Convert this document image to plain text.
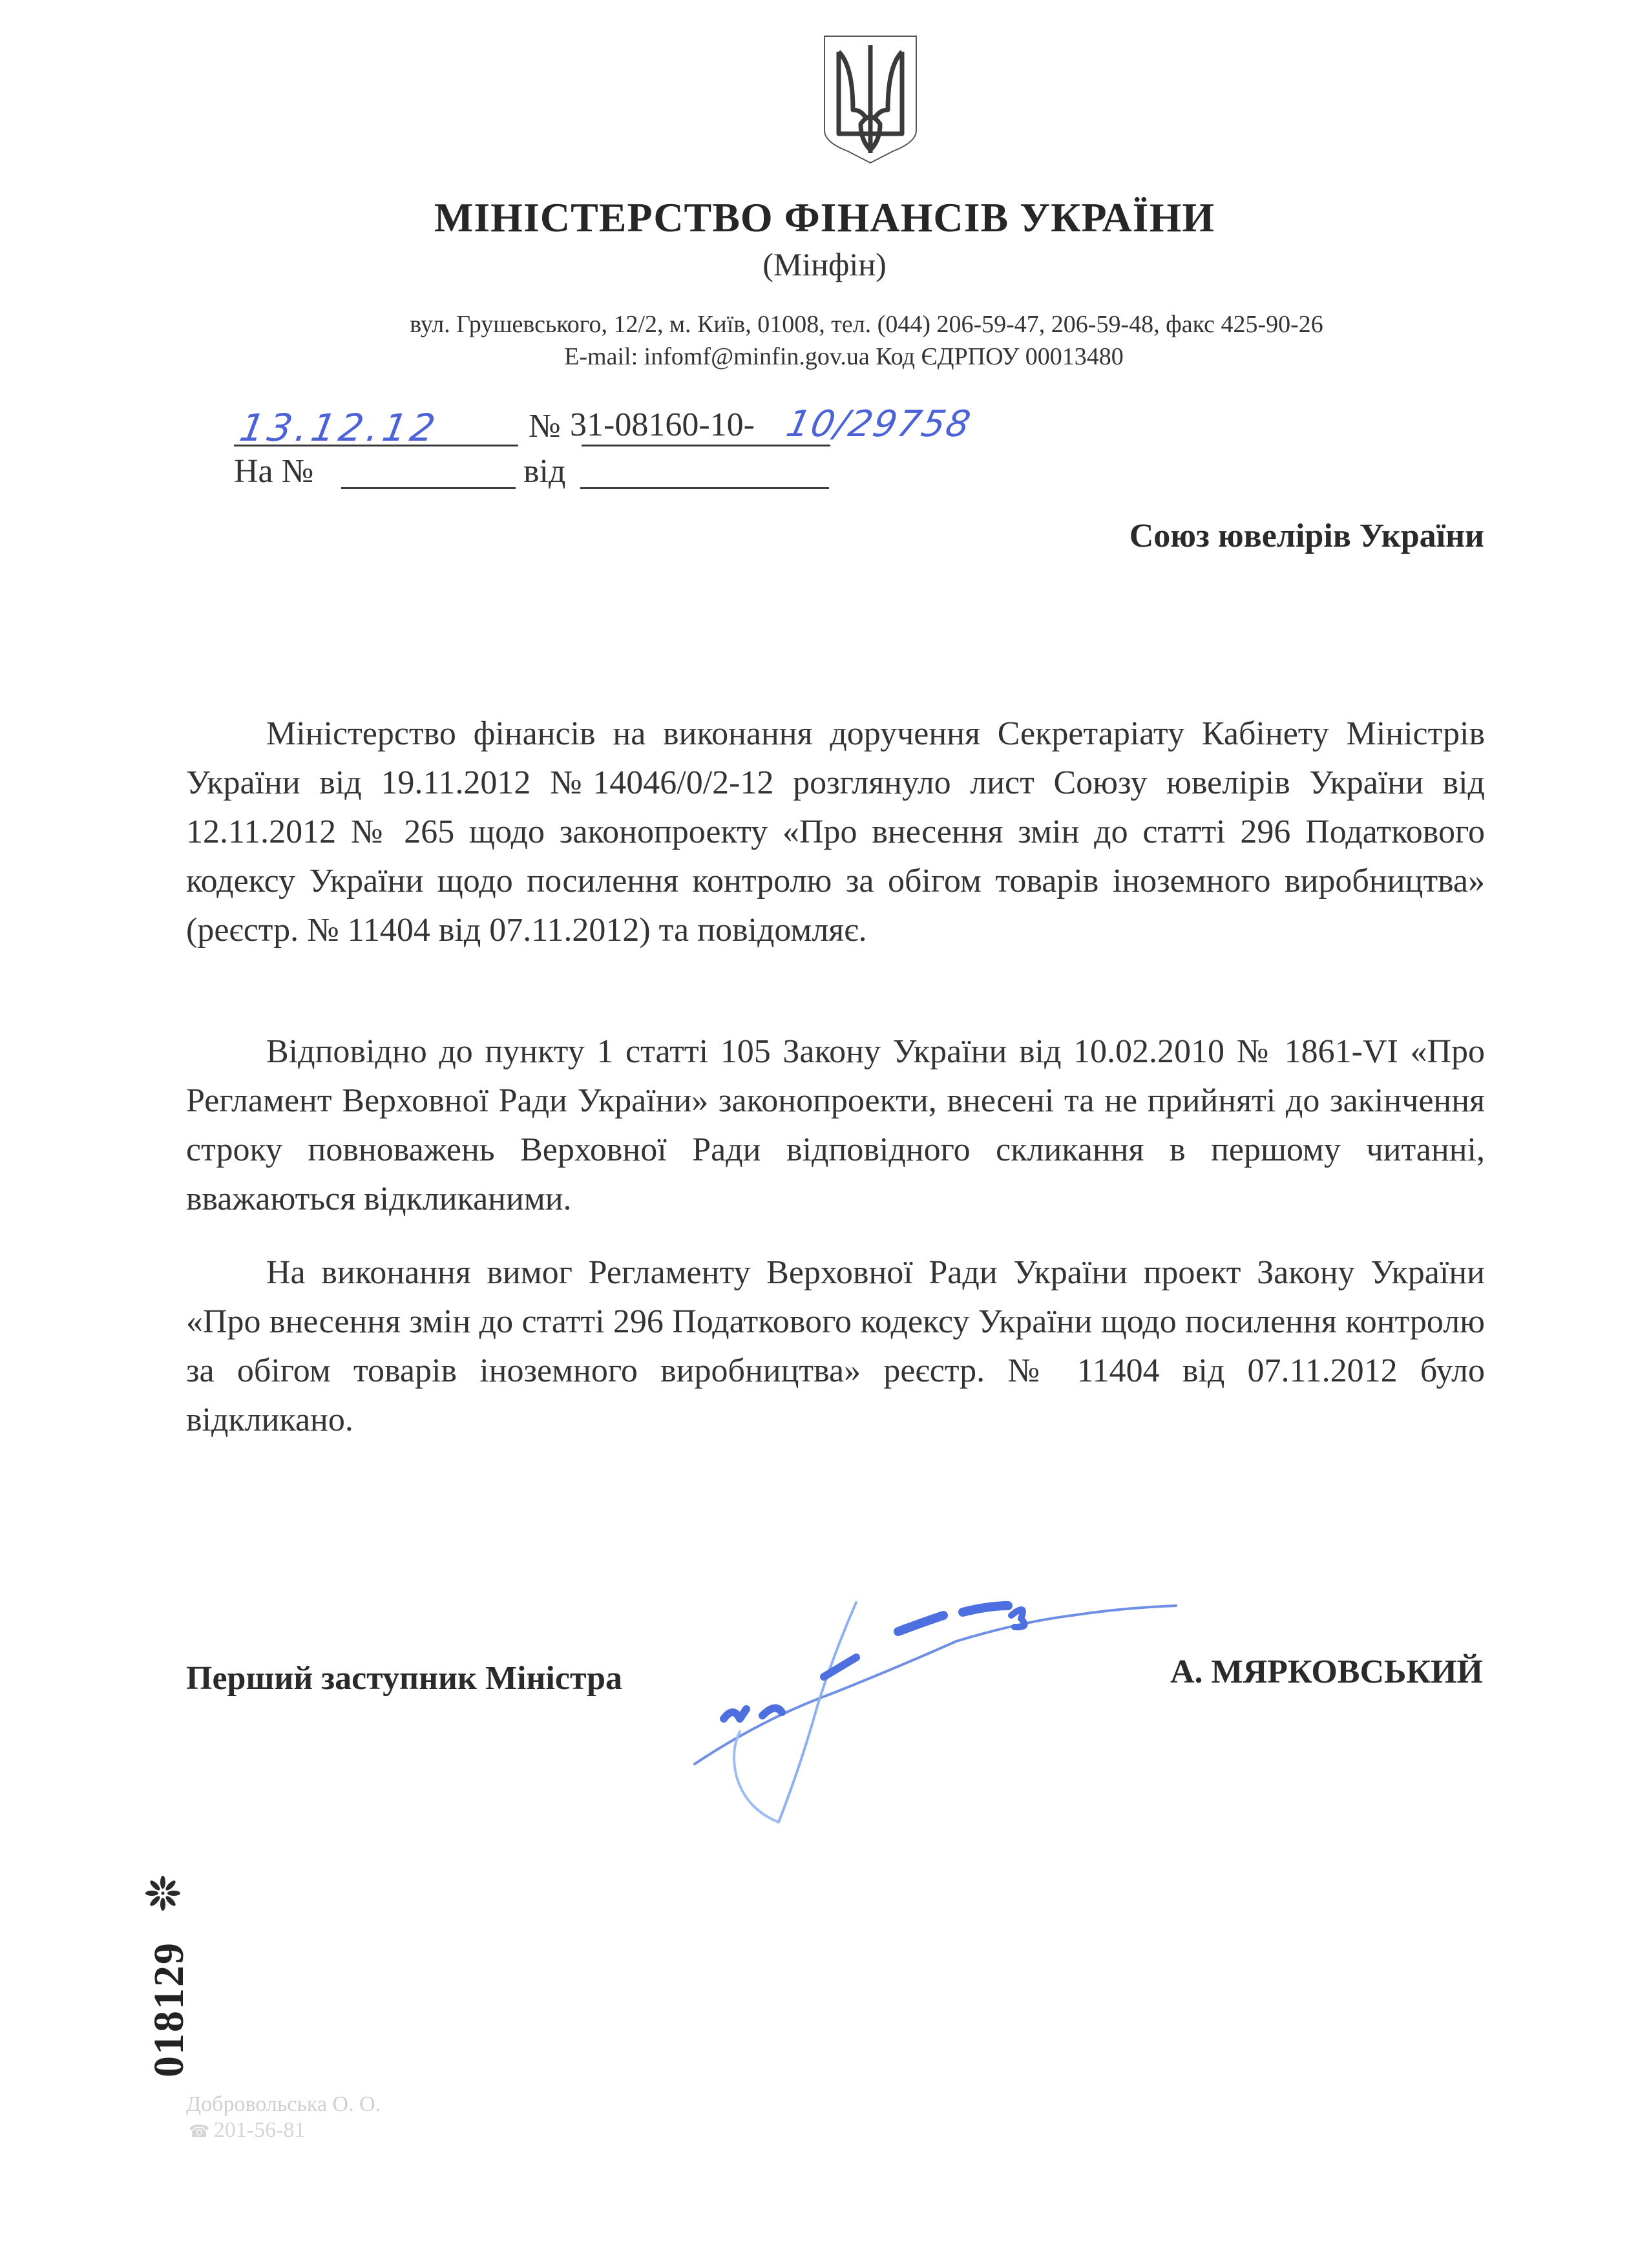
МІНІСТЕРСТВО ФІНАНСІВ УКРАЇНИ
(Мінфін)
вул. Грушевського, 12/2, м. Київ, 01008, тел. (044) 206-59-47, 206-59-48, факс 425-90-26
E-mail: infomf@minfin.gov.ua Код ЄДРПОУ 00013480
13.12.12	№ 31-08160-10- 10/29758
На №	від
Союз ювелірів України

Міністерство фінансів на виконання доручення Секретаріату Кабінету Міністрів України від 19.11.2012 №14046/0/2-12 розглянуло лист Союзу ювелірів України від 12.11.2012 № 265 щодо законопроекту «Про внесення змін до статті 296 Податкового кодексу України щодо посилення контролю за обігом товарів іноземного виробництва» (реєстр. № 11404 від 07.11.2012) та повідомляє.

Відповідно до пункту 1 статті 105 Закону України від 10.02.2010 № 1861-VI «Про Регламент Верховної Ради України» законопроекти, внесені та не прийняті до закінчення строку повноважень Верховної Ради відповідного скликання в першому читанні, вважаються відкликаними.

На виконання вимог Регламенту Верховної Ради України проект Закону України «Про внесення змін до статті 296 Податкового кодексу України щодо посилення контролю за обігом товарів іноземного виробництва» реєстр. № 11404 від 07.11.2012 було відкликано.

Перший заступник Міністра	А. МЯРКОВСЬКИЙ
018129
Добровольська О. О.
☎ 201-56-81
